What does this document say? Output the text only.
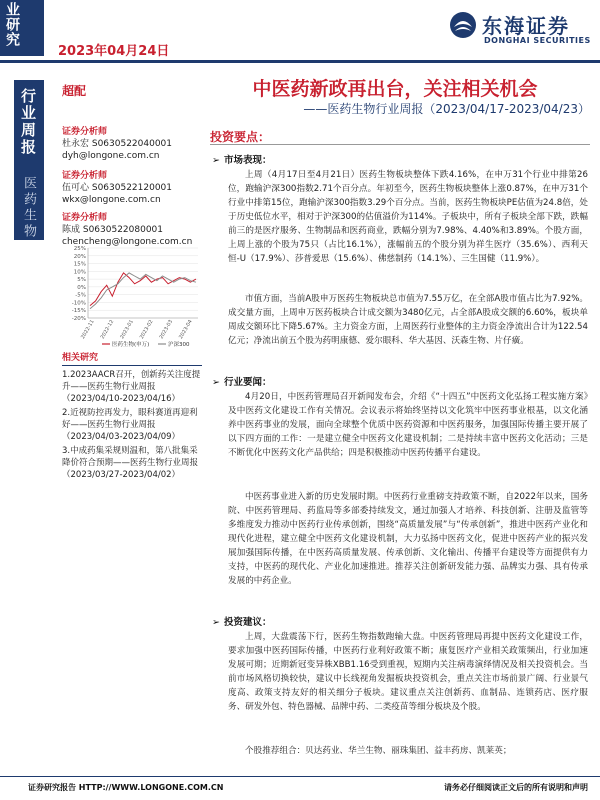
业研究
2023年04月24日
东海证券
DONGHAI SECURITIES
行业周报
医药生物
超配	中医药新政再出台，关注相关机会
——医药生物行业周报（2023/04/17-2023/04/23）
证券分析师
杜永宏 S0630522040001
dyh@longone.com.cn
证券分析师
伍可心 S0630522120001
wkx@longone.com.cn
证券分析师
陈成 S0630522080001
chencheng@longone.com.cn
25%
20%
15%
10%
5%
0%
-5%
-10%
-15%
-20%
2022-11 2022-12 2023-01 2023-02 2023-03 2023-04
医药生物(申万)	沪深300
相关研究
1.2023AACR召开，创新药关注度提升——医药生物行业周报（2023/04/10-2023/04/16）
2.近视防控再发力，眼科赛道再迎利好——医药生物行业周报（2023/04/03-2023/04/09）
3.中成药集采规则温和，第八批集采降价符合预期——医药生物行业周报（2023/03/27-2023/04/02）
投资要点：
➢ 市场表现：

上周（4月17日至4月21日）医药生物板块整体下跌4.16%，在申万31个行业中排第26位，跑输沪深300指数2.71个百分点。年初至今，医药生物板块整体上涨0.87%，在申万31个行业中排第15位，跑输沪深300指数3.29个百分点。当前，医药生物板块PE估值为24.8倍，处于历史低位水平，相对于沪深300的估值溢价为114%。子板块中，所有子板块全部下跌，跌幅前三的是医疗服务、生物制品和医药商业，跌幅分别为7.98%、4.40%和3.89%。个股方面，上周上涨的个股为75只（占比16.1%），涨幅前五的个股分别为祥生医疗（35.6%）、西利天恒-U（17.9%）、莎普爱思（15.6%）、佛慈制药（14.1%）、三生国健（11.9%）。

市值方面，当前A股申万医药生物板块总市值为7.55万亿，在全部A股市值占比为7.92%。成交量方面，上周申万医药板块合计成交额为3480亿元，占全部A股成交额的6.60%，板块单周成交额环比下降5.67%。主力资金方面，上周医药行业整体的主力资金净流出合计为122.54亿元；净流出前五个股为药明康德、爱尔眼科、华大基因、沃森生物、片仔癀。

➢ 行业要闻：

4月20日，中医药管理局召开新闻发布会，介绍《“十四五”中医药文化弘扬工程实施方案》及中医药文化建设工作有关情况。会议表示将始终坚持以文化筑牢中医药事业根基，以文化涵养中医药事业的发展，面向全球整个优质中医药资源和中医药服务，加强国际传播主要开展了以下四方面的工作：一是建立健全中医药文化建设机制；二是持续丰富中医药文化活动；三是不断优化中医药文化产品供给；四是积极推动中医药传播平台建设。

中医药事业进入新的历史发展时期。中医药行业重磅支持政策不断，自2022年以来，国务院、中医药管理局、药监局等多部委持续发文，通过加强人才培养、科技创新、注册及监管等多维度发力推动中医药行业传承创新，围绕“高质量发展”与“传承创新”，推进中医药产业化和现代化进程，建立健全中医药文化建设机制，大力弘扬中医药文化，促进中医药产业的振兴发展加强国际传播，在中医药高质量发展、传承创新、文化输出、传播平台建设等方面提供有力支持，中医药的现代化、产业化加速推进。推荐关注创新研发能力强、品牌实力强、具有传承发展的中药企业。

➢ 投资建议：

上周，大盘震荡下行，医药生物指数跑输大盘。中医药管理局再提中医药文化建设工作，要求加强中医药国际传播，中医药行业利好政策不断；康复医疗产业相关政策频出，行业加速发展可期；近期新冠变异株XBB1.16受到重视，短期内关注病毒演绎情况及相关投资机会。当前市场风格切换较快，建议中长线视角发掘板块投资机会，重点关注市场前景广阔、行业景气度高、政策支持友好的相关细分子板块。建议重点关注创新药、血制品、连锁药店、医疗服务、研发外包、特色器械、品牌中药、二类疫苗等细分板块及个股。

个股推荐组合：贝达药业、华兰生物、丽珠集团、益丰药房、凯莱英；

证券研究报告 HTTP://WWW.LONGONE.COM.CN	请务必仔细阅读正文后的所有说明和声明
